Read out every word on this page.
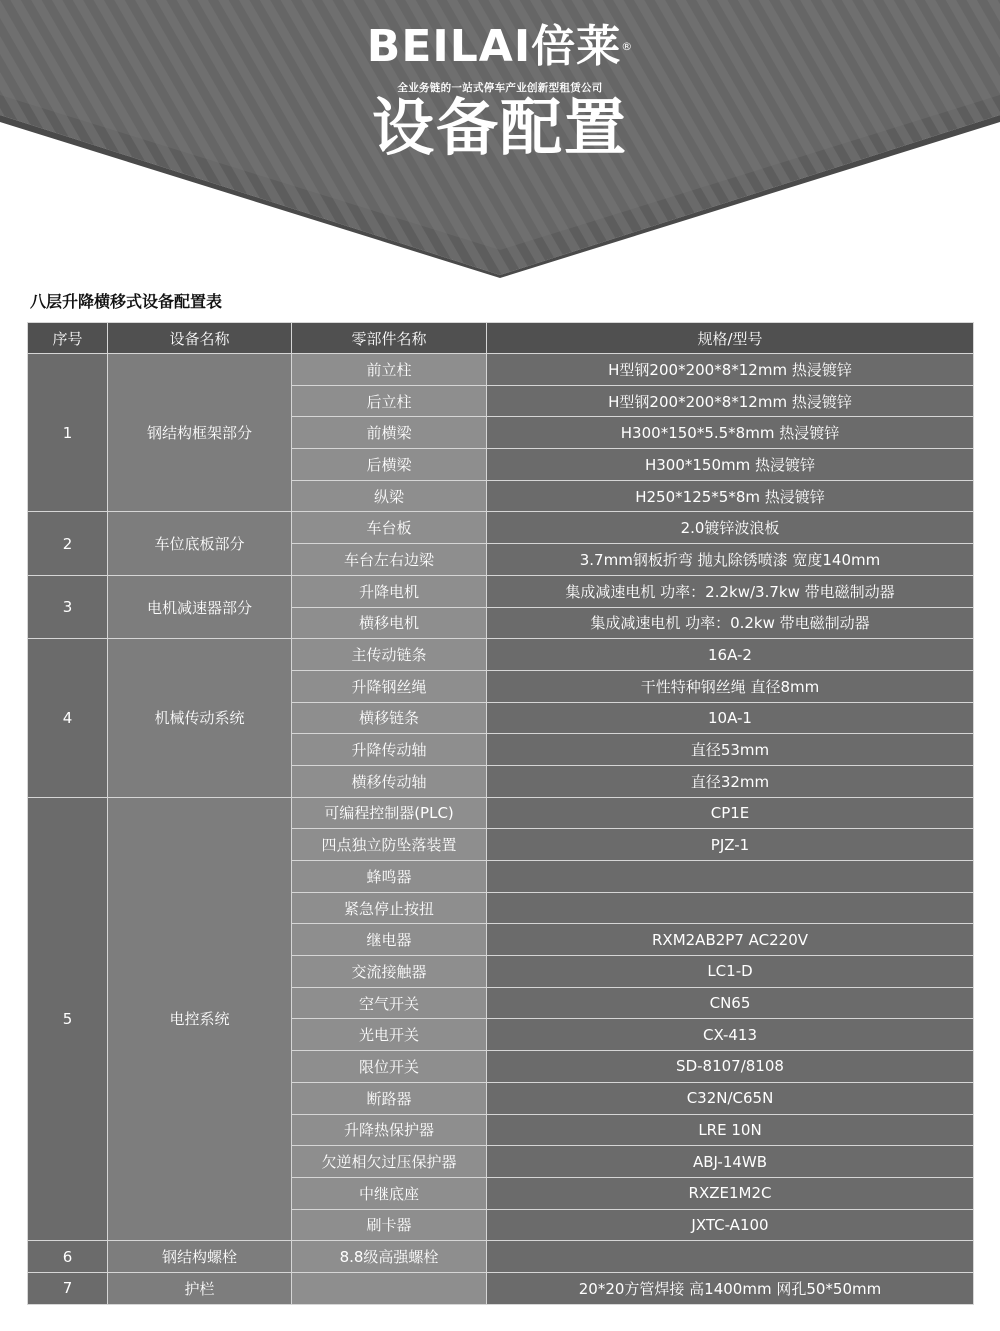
BEILAI倍莱®
全业务链的一站式停车产业创新型租赁公司
设备配置
八层升降横移式设备配置表
序号	设备名称	零部件名称	规格/型号
1	钢结构框架部分	前立柱	H型钢200*200*8*12mm 热浸镀锌
		后立柱	H型钢200*200*8*12mm 热浸镀锌
		前横梁	H300*150*5.5*8mm 热浸镀锌
		后横梁	H300*150mm 热浸镀锌
		纵梁	H250*125*5*8m 热浸镀锌
2	车位底板部分	车台板	2.0镀锌波浪板
		车台左右边梁	3.7mm钢板折弯 抛丸除锈喷漆 宽度140mm
3	电机减速器部分	升降电机	集成减速电机 功率：2.2kw/3.7kw 带电磁制动器
		横移电机	集成减速电机 功率：0.2kw 带电磁制动器
4	机械传动系统	主传动链条	16A-2
		升降钢丝绳	干性特种钢丝绳 直径8mm
		横移链条	10A-1
		升降传动轴	直径53mm
		横移传动轴	直径32mm
5	电控系统	可编程控制器(PLC)	CP1E
		四点独立防坠落装置	PJZ-1
		蜂鸣器	
		紧急停止按扭	
		继电器	RXM2AB2P7 AC220V
		交流接触器	LC1-D
		空气开关	CN65
		光电开关	CX-413
		限位开关	SD-8107/8108
		断路器	C32N/C65N
		升降热保护器	LRE 10N
		欠逆相欠过压保护器	ABJ-14WB
		中继底座	RXZE1M2C
		刷卡器	JXTC-A100
6	钢结构螺栓	8.8级高强螺栓	
7	护栏		20*20方管焊接 高1400mm 网孔50*50mm
